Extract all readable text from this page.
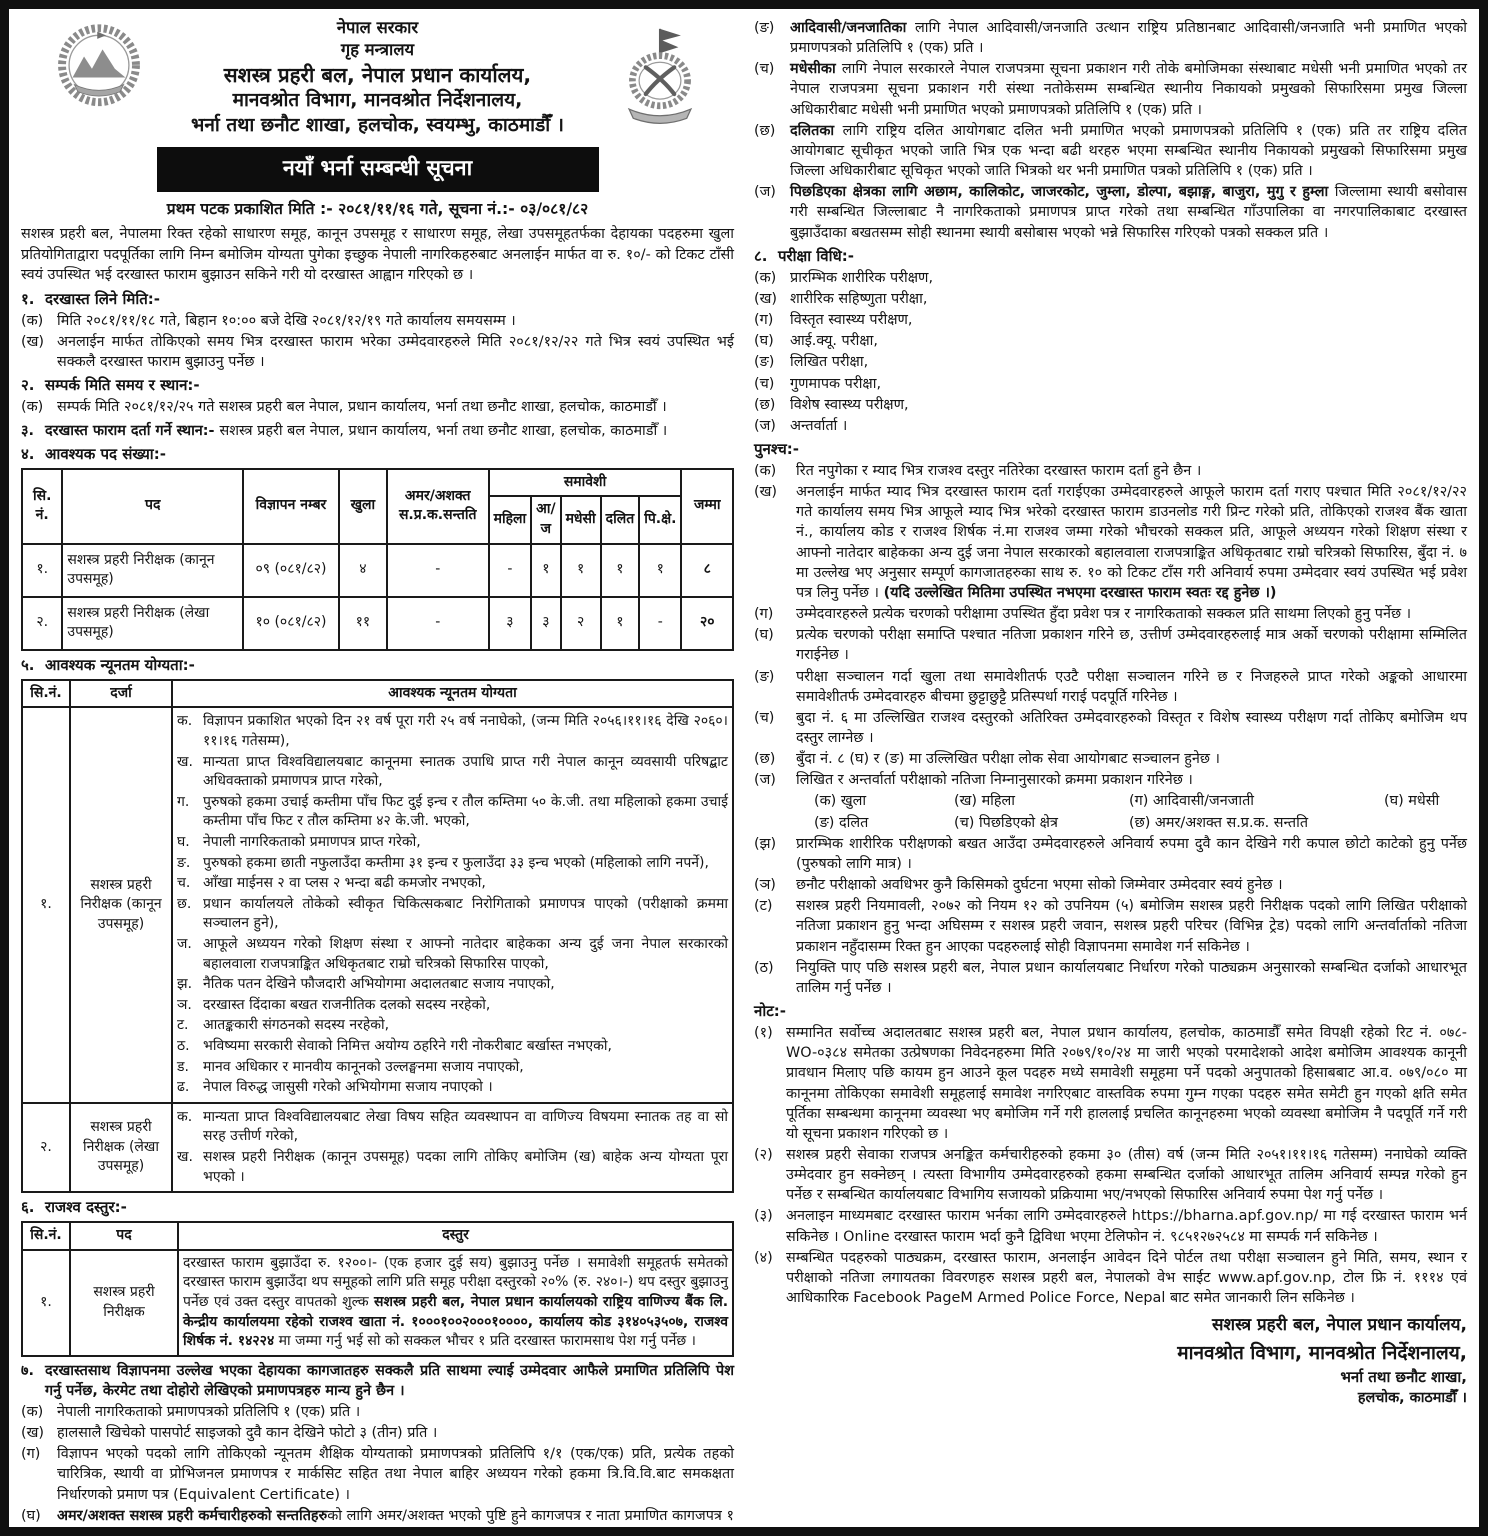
नेपाल सरकार
गृह मन्त्रालय
सशस्त्र प्रहरी बल, नेपाल प्रधान कार्यालय,
मानवश्रोत विभाग, मानवश्रोत निर्देशनालय,
भर्ना तथा छनौट शाखा, हलचोक, स्वयम्भु, काठमाडौँ ।
नयाँ भर्ना सम्बन्धी सूचना
प्रथम पटक प्रकाशित मिति :- २०८१/११/१६ गते, सूचना नं.:- ०३/०८१/८२
सशस्त्र प्रहरी बल, नेपालमा रिक्त रहेको साधारण समूह, कानून उपसमूह र साधारण समूह, लेखा उपसमूहतर्फका देहायका पदहरुमा खुला प्रतियोगिताद्वारा पदपूर्तिका लागि निम्न बमोजिम योग्यता पुगेका इच्छुक नेपाली नागरिकहरुबाट अनलाईन मार्फत वा रु. १०/- को टिकट टाँसी स्वयं उपस्थित भई दरखास्त फाराम बुझाउन सकिने गरी यो दरखास्त आह्वान गरिएको छ ।
१. दरखास्त लिने मिति:-
(क) मिति २०८१/११/१८ गते, बिहान १०:०० बजे देखि २०८१/१२/१९ गते कार्यालय समयसम्म ।
(ख) अनलाईन मार्फत तोकिएको समय भित्र दरखास्त फाराम भरेका उम्मेदवारहरुले मिति २०८१/१२/२२ गते भित्र स्वयं उपस्थित भई सक्कलै दरखास्त फाराम बुझाउनु पर्नेछ ।
२. सम्पर्क मिति समय र स्थान:-
(क) सम्पर्क मिति २०८१/१२/२५ गते सशस्त्र प्रहरी बल नेपाल, प्रधान कार्यालय, भर्ना तथा छनौट शाखा, हलचोक, काठमाडौँ ।
३. दरखास्त फाराम दर्ता गर्ने स्थान:- सशस्त्र प्रहरी बल नेपाल, प्रधान कार्यालय, भर्ना तथा छनौट शाखा, हलचोक, काठमाडौँ ।
४. आवश्यक पद संख्या:-
सि. नं.	पद	विज्ञापन नम्बर	खुला	अमर/अशक्त
स.प्र.क.सन्तति	समावेशी					जम्मा
					महिला	आ/ज	मधेसी	दलित	पि.क्षे.	
१.	सशस्त्र प्रहरी निरीक्षक (कानून उपसमूह)	०९ (०८१/८२)	४	-	-	१	१	१	१	८
२.	सशस्त्र प्रहरी निरीक्षक (लेखा उपसमूह)	१० (०८१/८२)	११	-	३	३	२	१	-	२०
५. आवश्यक न्यूनतम योग्यता:-
सि.नं.	दर्जा	आवश्यक न्यूनतम योग्यता
१.	सशस्त्र प्रहरी निरीक्षक (कानून उपसमूह)	
क. विज्ञापन प्रकाशित भएको दिन २१ वर्ष पूरा गरी २५ वर्ष ननाघेको, (जन्म मिति २०५६।११।१६ देखि २०६०।११।१६ गतेसम्म),
ख. मान्यता प्राप्त विश्वविद्यालयबाट कानूनमा स्नातक उपाधि प्राप्त गरी नेपाल कानून व्यवसायी परिषद्बाट अधिवक्ताको प्रमाणपत्र प्राप्त गरेको,
ग. पुरुषको हकमा उचाई कम्तीमा पाँच फिट दुई इन्च र तौल कम्तिमा ५० के.जी. तथा महिलाको हकमा उचाई कम्तीमा पाँच फिट र तौल कम्तिमा ४२ के.जी. भएको,
घ. नेपाली नागरिकताको प्रमाणपत्र प्राप्त गरेको,
ङ. पुरुषको हकमा छाती नफुलाउँदा कम्तीमा ३१ इन्च र फुलाउँदा ३३ इन्च भएको (महिलाको लागि नपर्ने),
च. आँखा माईनस २ वा प्लस २ भन्दा बढी कमजोर नभएको,
छ. प्रधान कार्यालयले तोकेको स्वीकृत चिकित्सकबाट निरोगिताको प्रमाणपत्र पाएको (परीक्षाको क्रममा सञ्चालन हुने),
ज. आफूले अध्ययन गरेको शिक्षण संस्था र आफ्नो नातेदार बाहेकका अन्य दुई जना नेपाल सरकारको बहालवाला राजपत्राङ्कित अधिकृतबाट राम्रो चरित्रको सिफारिस पाएको,
झ. नैतिक पतन देखिने फौजदारी अभियोगमा अदालतबाट सजाय नपाएको,
ञ. दरखास्त दिंदाका बखत राजनीतिक दलको सदस्य नरहेको,
ट.	आतङ्ककारी संगठनको सदस्य नरहेको,
ठ. भविष्यमा सरकारी सेवाको निमित्त अयोग्य ठहरिने गरी नोकरीबाट बर्खास्त नभएको,
ड.	मानव अधिकार र मानवीय कानूनको उल्लङ्घनमा सजाय नपाएको,
ढ. नेपाल विरुद्ध जासुसी गरेको अभियोगमा सजाय नपाएको ।

२.	सशस्त्र प्रहरी निरीक्षक (लेखा उपसमूह)	क. मान्यता प्राप्त विश्वविद्यालयबाट लेखा विषय सहित व्यवस्थापन वा वाणिज्य विषयमा स्नातक तह वा सो सरह उत्तीर्ण गरेको,
ख. सशस्त्र प्रहरी निरीक्षक (कानून उपसमूह) पदका लागि तोकिए बमोजिम (ख) बाहेक अन्य योग्यता पूरा भएको ।
६. राजश्व दस्तुर:-
सि.नं.	पद	दस्तुर
१.	सशस्त्र प्रहरी निरीक्षक	दरखास्त फाराम बुझाउँदा रु. १२००।- (एक हजार दुई सय) बुझाउनु पर्नेछ । समावेशी समूहतर्फ समेतको दरखास्त फाराम बुझाउँदा थप समूहको लागि प्रति समूह परीक्षा दस्तुरको २०% (रु. २४०।-) थप दस्तुर बुझाउनु पर्नेछ एवं उक्त दस्तुर वापतको शुल्क सशस्त्र प्रहरी बल, नेपाल प्रधान कार्यालयको राष्ट्रिय वाणिज्य बैंक लि. केन्द्रीय कार्यालयमा रहेको राजश्व खाता नं. १०००१००२०००१००००, कार्यालय कोड ३१४०५३५०७, राजश्व शिर्षक नं. १४२२४ मा जम्मा गर्नु भई सो को सक्कल भौचर १ प्रति दरखास्त फारामसाथ पेश गर्नु पर्नेछ ।
७. दरखास्तसाथ विज्ञापनमा उल्लेख भएका देहायका कागजातहरु सक्कलै प्रति साथमा ल्याई उम्मेदवार आफैले प्रमाणित प्रतिलिपि पेश गर्नु पर्नेछ, केरमेट तथा दोहोरो लेखिएको प्रमाणपत्रहरु मान्य हुने छैन ।
(क) नेपाली नागरिकताको प्रमाणपत्रको प्रतिलिपि १ (एक) प्रति ।
(ख) हालसालै खिचेको पासपोर्ट साइजको दुवै कान देखिने फोटो ३ (तीन) प्रति ।
(ग)	विज्ञापन भएको पदको लागि तोकिएको न्यूनतम शैक्षिक योग्यताको प्रमाणपत्रको प्रतिलिपि १/१ (एक/एक) प्रति, प्रत्येक तहको चारित्रिक, स्थायी वा प्रोभिजनल प्रमाणपत्र र मार्कसिट सहित तथा नेपाल बाहिर अध्ययन गरेको हकमा त्रि.वि.वि.बाट समकक्षता निर्धारणको प्रमाण पत्र (Equivalent Certificate) ।
(घ)	अमर/अशक्त सशस्त्र प्रहरी कर्मचारीहरुको सन्ततिहरुको लागि अमर/अशक्त भएको पुष्टि हुने कागजपत्र र नाता प्रमाणित कागजपत्र १ (एक) प्रति ।
(ङ)	आदिवासी/जनजातिका लागि नेपाल आदिवासी/जनजाति उत्थान राष्ट्रिय प्रतिष्ठानबाट आदिवासी/जनजाति भनी प्रमाणित भएको प्रमाणपत्रको प्रतिलिपि १ (एक) प्रति ।
(च)	मधेसीका लागि नेपाल सरकारले नेपाल राजपत्रमा सूचना प्रकाशन गरी तोके बमोजिमका संस्थाबाट मधेसी भनी प्रमाणित भएको तर नेपाल राजपत्रमा सूचना प्रकाशन गरी संस्था नतोकेसम्म सम्बन्धित स्थानीय निकायको प्रमुखको सिफारिसमा प्रमुख जिल्ला अधिकारीबाट मधेसी भनी प्रमाणित भएको प्रमाणपत्रको प्रतिलिपि १ (एक) प्रति ।
(छ)	दलितका लागि राष्ट्रिय दलित आयोगबाट दलित भनी प्रमाणित भएको प्रमाणपत्रको प्रतिलिपि १ (एक) प्रति तर राष्ट्रिय दलित आयोगबाट सूचीकृत भएको जाति भित्र एक भन्दा बढी थरहरु भएमा सम्बन्धित स्थानीय निकायको प्रमुखको सिफारिसमा प्रमुख जिल्ला अधिकारीबाट सूचिकृत भएको जाति भित्रको थर भनी प्रमाणित पत्रको प्रतिलिपि १ (एक) प्रति ।
(ज) पिछडिएका क्षेत्रका लागि अछाम, कालिकोट, जाजरकोट, जुम्ला, डोल्पा, बझाङ्ग, बाजुरा, मुगु र हुम्ला जिल्लामा स्थायी बसोवास गरी सम्बन्धित जिल्लाबाट नै नागरिकताको प्रमाणपत्र प्राप्त गरेको तथा सम्बन्धित गाँउपालिका वा नगरपालिकाबाट दरखास्त बुझाउँदाका बखतसम्म सोही स्थानमा स्थायी बसोबास भएको भन्ने सिफारिस गरिएको पत्रको सक्कल प्रति ।
८. परीक्षा विधि:-
(क) प्रारम्भिक शारीरिक परीक्षण,
(ख) शारीरिक सहिष्णुता परीक्षा,
(ग)	विस्तृत स्वास्थ्य परीक्षण,
(घ)	आई.क्यू. परीक्षा,
(ङ)	लिखित परीक्षा,
(च)	गुणमापक परीक्षा,
(छ)	विशेष स्वास्थ्य परीक्षण,
(ज) अन्तर्वार्ता ।
पुनश्च:-
(क)	रित नपुगेका र म्याद भित्र राजश्व दस्तुर नतिरेका दरखास्त फाराम दर्ता हुने छैन ।
(ख)	अनलाईन मार्फत म्याद भित्र दरखास्त फाराम दर्ता गराईएका उम्मेदवारहरुले आफूले फाराम दर्ता गराए पश्चात मिति २०८१/१२/२२ गते कार्यालय समय भित्र आफूले म्याद भित्र भरेको दरखास्त फाराम डाउनलोड गरी प्रिन्ट गरेको प्रति, तोकिएको राजश्व बैंक खाता नं., कार्यालय कोड र राजश्व शिर्षक नं.मा राजश्व जम्मा गरेको भौचरको सक्कल प्रति, आफूले अध्ययन गरेको शिक्षण संस्था र आफ्नो नातेदार बाहेकका अन्य दुई जना नेपाल सरकारको बहालवाला राजपत्राङ्कित अधिकृतबाट राम्रो चरित्रको सिफारिस, बुँदा नं. ७ मा उल्लेख भए अनुसार सम्पूर्ण कागजातहरुका साथ रु. १० को टिकट टाँस गरी अनिवार्य रुपमा उम्मेदवार स्वयं उपस्थित भई प्रवेश पत्र लिनु पर्नेछ । (यदि उल्लेखित मितिमा उपस्थित नभएमा दरखास्त फाराम स्वतः रद्द हुनेछ ।)
(ग)	उम्मेदवारहरुले प्रत्येक चरणको परीक्षामा उपस्थित हुँदा प्रवेश पत्र र नागरिकताको सक्कल प्रति साथमा लिएको हुनु पर्नेछ ।
(घ)	प्रत्येक चरणको परीक्षा समाप्ति पश्चात नतिजा प्रकाशन गरिने छ, उत्तीर्ण उम्मेदवारहरुलाई मात्र अर्को चरणको परीक्षामा सम्मिलित गराईनेछ ।
(ङ)	परीक्षा सञ्चालन गर्दा खुला तथा समावेशीतर्फ एउटै परीक्षा सञ्चालन गरिने छ र निजहरुले प्राप्त गरेको अङ्कको आधारमा समावेशीतर्फ उम्मेदवारहरु बीचमा छुट्टाछुट्टै प्रतिस्पर्धा गराई पदपूर्ति गरिनेछ ।
(च)	बुदा नं. ६ मा उल्लिखित राजश्व दस्तुरको अतिरिक्त उम्मेदवारहरुको विस्तृत र विशेष स्वास्थ्य परीक्षण गर्दा तोकिए बमोजिम थप दस्तुर लाग्नेछ ।
(छ)	बुँदा नं. ८ (घ) र (ङ) मा उल्लिखित परीक्षा लोक सेवा आयोगबाट सञ्चालन हुनेछ ।
(ज)	लिखित र अन्तर्वार्ता परीक्षाको नतिजा निम्नानुसारको क्रममा प्रकाशन गरिनेछ ।
(क) खुला	(ख) महिला	(ग) आदिवासी/जनजाती	(घ) मधेसी
(ङ) दलित	(च) पिछडिएको क्षेत्र	(छ) अमर/अशक्त स.प्र.क. सन्तति
(झ)	प्रारम्भिक शारीरिक परीक्षणको बखत आउँदा उम्मेदवारहरुले अनिवार्य रुपमा दुवै कान देखिने गरी कपाल छोटो काटेको हुनु पर्नेछ (पुरुषको लागि मात्र) ।
(ञ)	छनौट परीक्षाको अवधिभर कुनै किसिमको दुर्घटना भएमा सोको जिम्मेवार उम्मेदवार स्वयं हुनेछ ।
(ट)	सशस्त्र प्रहरी नियमावली, २०७२ को नियम १२ को उपनियम (५) बमोजिम सशस्त्र प्रहरी निरीक्षक पदको लागि लिखित परीक्षाको नतिजा प्रकाशन हुनु भन्दा अघिसम्म र सशस्त्र प्रहरी जवान, सशस्त्र प्रहरी परिचर (विभिन्न ट्रेड) पदको लागि अन्तर्वार्ताको नतिजा प्रकाशन नहुँदासम्म रिक्त हुन आएका पदहरुलाई सोही विज्ञापनमा समावेश गर्न सकिनेछ ।
(ठ)	नियुक्ति पाए पछि सशस्त्र प्रहरी बल, नेपाल प्रधान कार्यालयबाट निर्धारण गरेको पाठ्यक्रम अनुसारको सम्बन्धित दर्जाको आधारभूत तालिम गर्नु पर्नेछ ।
नोट:-
(१) सम्मानित सर्वोच्च अदालतबाट सशस्त्र प्रहरी बल, नेपाल प्रधान कार्यालय, हलचोक, काठमाडौँ समेत विपक्षी रहेको रिट नं. ०७८-WO-०३८४ समेतका उत्प्रेषणका निवेदनहरुमा मिति २०७९/१०/२४ मा जारी भएको परमादेशको आदेश बमोजिम आवश्यक कानूनी प्रावधान मिलाए पछि कायम हुन आउने कूल पदहरु मध्ये समावेशी समूहमा पर्ने पदको अनुपातको हिसाबबाट आ.व. ०७९/०८० मा कानूनमा तोकिएका समावेशी समूहलाई समावेश नगरिएबाट वास्तविक रुपमा गुम्न गएका पदहरु समेत समेटी हुन गएको क्षति समेत पूर्तिका सम्बन्धमा कानूनमा व्यवस्था भए बमोजिम गर्ने गरी हाललाई प्रचलित कानूनहरुमा भएको व्यवस्था बमोजिम नै पदपूर्ति गर्ने गरी यो सूचना प्रकाशन गरिएको छ ।
(२) सशस्त्र प्रहरी सेवाका राजपत्र अनङ्कित कर्मचारीहरुको हकमा ३० (तीस) वर्ष (जन्म मिति २०५१।११।१६ गतेसम्म) ननाघेको व्यक्ति उम्मेदवार हुन सक्नेछन् । त्यस्ता विभागीय उम्मेदवारहरुको हकमा सम्बन्धित दर्जाको आधारभूत तालिम अनिवार्य सम्पन्न गरेको हुन पर्नेछ र सम्बन्धित कार्यालयबाट विभागिय सजायको प्रक्रियामा भए/नभएको सिफारिस अनिवार्य रुपमा पेश गर्नु पर्नेछ ।
(३) अनलाइन माध्यमबाट दरखास्त फाराम भर्नका लागि उम्मेदवारहरुले https://bharna.apf.gov.np/ मा गई दरखास्त फाराम भर्न सकिनेछ । Online दरखास्त फाराम भर्दा कुनै द्विविधा भएमा टेलिफोन नं. ९८५१२७२५८४ मा सम्पर्क गर्न सकिनेछ ।
(४) सम्बन्धित पदहरुको पाठ्यक्रम, दरखास्त फाराम, अनलाईन आवेदन दिने पोर्टल तथा परीक्षा सञ्चालन हुने मिति, समय, स्थान र परीक्षाको नतिजा लगायतका विवरणहरु सशस्त्र प्रहरी बल, नेपालको वेभ साईट www.apf.gov.np, टोल फ्रि नं. १११४ एवं आधिकारिक Facebook PageM Armed Police Force, Nepal बाट समेत जानकारी लिन सकिनेछ ।
सशस्त्र प्रहरी बल, नेपाल प्रधान कार्यालय,
मानवश्रोत विभाग, मानवश्रोत निर्देशनालय,
भर्ना तथा छनौट शाखा,
हलचोक, काठमाडौँ ।
